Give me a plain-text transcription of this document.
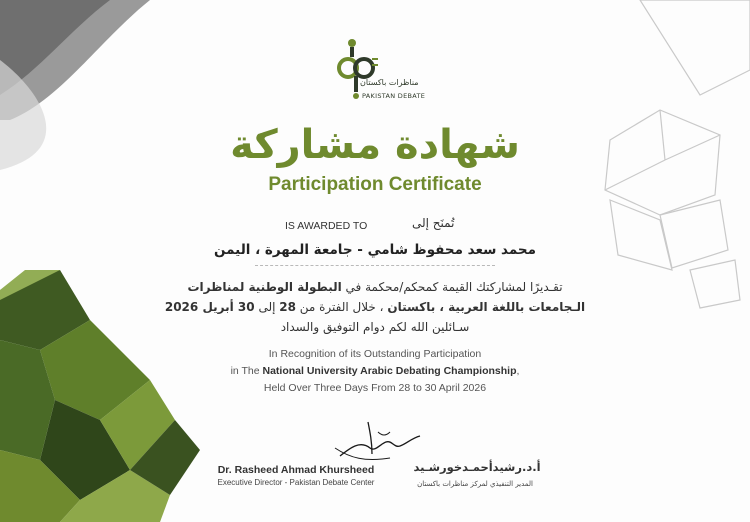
مناظرات باكستان
PAKISTAN DEBATE
شهادة مشاركة
Participation Certificate
IS AWARDED TO	تُمنَح إلى
محمد سعد محفوظ شامي - جامعة المهرة ، اليمن
تقـديرًا لمشاركتك القيمة كمحكم/محكمة في البطولة الوطنية لمناظرات
الـجامعات باللغة العربية ، باكستان ، خلال الفترة من 28 إلى 30 أبريل 2026
سـائلين الله لكم دوام التوفيق والسداد
In Recognition of its Outstanding Participation
in The National University Arabic Debating Championship,
Held Over Three Days From 28 to 30 April 2026
Dr. Rasheed Ahmad Khursheed
Executive Director - Pakistan Debate Center
أ.د.رشيدأحمـدخورشـيد
المدير التنفيذي لمركز مناظرات باكستان
